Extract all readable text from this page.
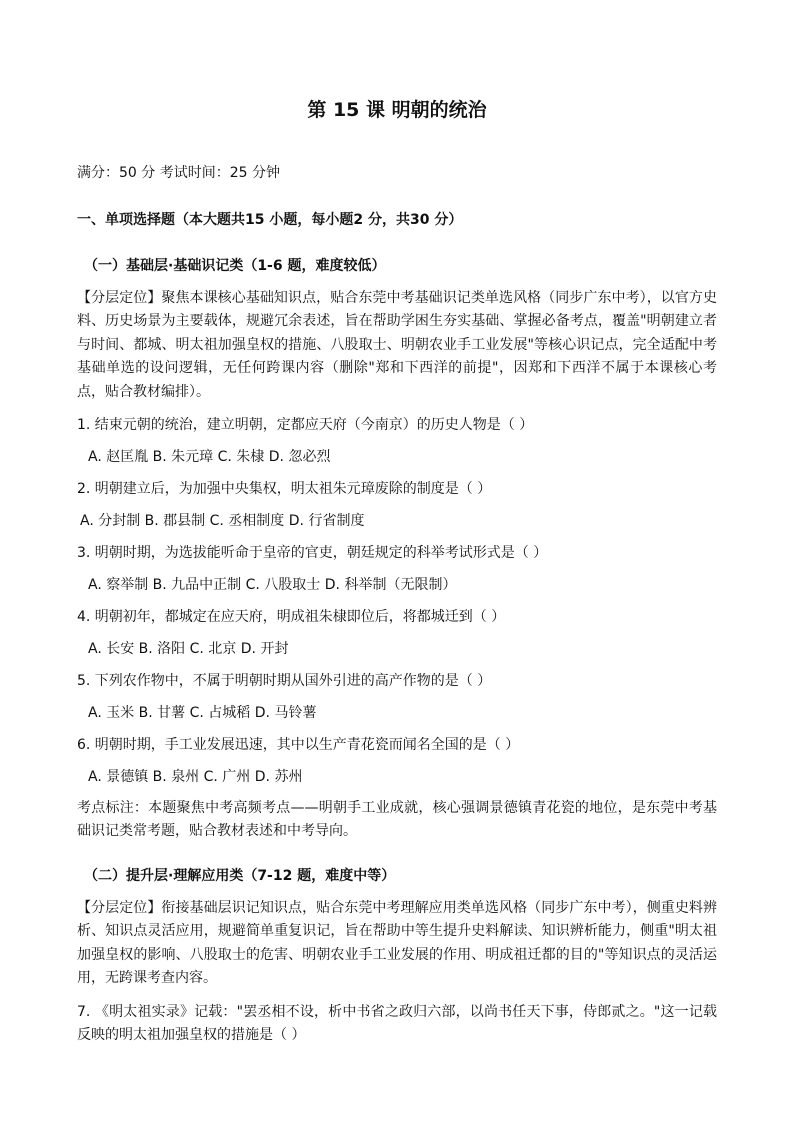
第 15 课 明朝的统治
满分：50 分 考试时间：25 分钟
一、单项选择题（本大题共15 小题，每小题2 分，共30 分）
（一）基础层·基础识记类（1-6 题，难度较低）
【分层定位】聚焦本课核心基础知识点，贴合东莞中考基础识记类单选风格（同步广东中考），以官方史料、历史场景为主要载体，规避冗余表述，旨在帮助学困生夯实基础、掌握必备考点，覆盖"明朝建立者与时间、都城、明太祖加强皇权的措施、八股取士、明朝农业手工业发展"等核心识记点，完全适配中考基础单选的设问逻辑，无任何跨课内容（删除"郑和下西洋的前提"，因郑和下西洋不属于本课核心考点，贴合教材编排）。
1. 结束元朝的统治，建立明朝，定都应天府（今南京）的历史人物是（ ）
A. 赵匡胤 B. 朱元璋 C. 朱棣 D. 忽必烈
2. 明朝建立后，为加强中央集权，明太祖朱元璋废除的制度是（ ）
A. 分封制 B. 郡县制 C. 丞相制度 D. 行省制度
3. 明朝时期，为选拔能听命于皇帝的官吏，朝廷规定的科举考试形式是（ ）
A. 察举制 B. 九品中正制 C. 八股取士 D. 科举制（无限制）
4. 明朝初年，都城定在应天府，明成祖朱棣即位后，将都城迁到（ ）
A. 长安 B. 洛阳 C. 北京 D. 开封
5. 下列农作物中，不属于明朝时期从国外引进的高产作物的是（ ）
A. 玉米 B. 甘薯 C. 占城稻 D. 马铃薯
6. 明朝时期，手工业发展迅速，其中以生产青花瓷而闻名全国的是（ ）
A. 景德镇 B. 泉州 C. 广州 D. 苏州
考点标注：本题聚焦中考高频考点——明朝手工业成就，核心强调景德镇青花瓷的地位，是东莞中考基础识记类常考题，贴合教材表述和中考导向。
（二）提升层·理解应用类（7-12 题，难度中等）
【分层定位】衔接基础层识记知识点，贴合东莞中考理解应用类单选风格（同步广东中考），侧重史料辨析、知识点灵活应用，规避简单重复识记，旨在帮助中等生提升史料解读、知识辨析能力，侧重"明太祖加强皇权的影响、八股取士的危害、明朝农业手工业发展的作用、明成祖迁都的目的"等知识点的灵活运用，无跨课考查内容。
7. 《明太祖实录》记载："罢丞相不设，析中书省之政归六部，以尚书任天下事，侍郎贰之。"这一记载反映的明太祖加强皇权的措施是（ ）
